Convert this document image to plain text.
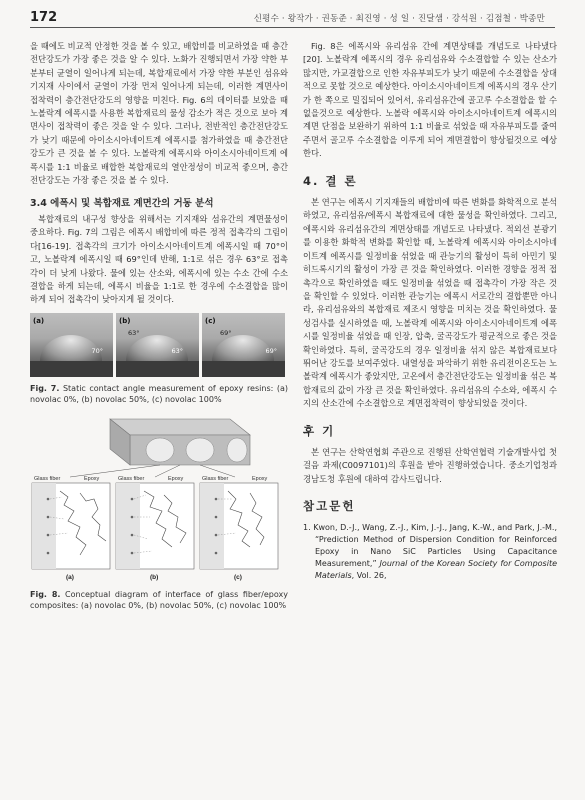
172	신평수 · 왕작가 · 권동준 · 최진영 · 성 일 · 진달샘 · 강석원 · 김점철 · 박종만

을 때에도 비교적 안정한 것을 볼 수 있고, 배합비를 비교하였을 때 층간전단강도가 가장 좋은 것을 알 수 있다. 노화가 진행되면서 가장 약한 부분부터 균열이 일어나게 되는데, 복합재료에서 가장 약한 부분인 섬유와 기지재 사이에서 균열이 가장 먼저 일어나게 되는데, 이러한 계면사이 접착력이 층간전단강도의 영향을 미친다. Fig. 6의 데이터를 보았을 때 노볼락계 에폭시를 사용한 복합재료의 물성 감소가 적은 것으로 보아 계면사이 접착력이 좋은 것을 알 수 있다. 그러나, 전반적인 층간전단강도가 낮기 때문에 아이소시아네이트계 에폭시를 첨가하였을 때 층간전단강도가 큰 것을 볼 수 있다. 노볼락계 에폭시와 아이소시아네이트계 에폭시를 1:1 비율로 배합한 복합재료의 열안정성이 비교적 좋으며, 층간전단강도는 가장 좋은 것을 볼 수 있다.

3.4 에폭시 및 복합재료 계면간의 거동 분석

복합재료의 내구성 향상을 위해서는 기지재와 섬유간의 계면물성이 중요하다. Fig. 7의 그림은 에폭시 배합비에 따른 정적 접촉각의 그림이다[16-19]. 접촉각의 크기가 아이소시아네이트계 에폭시일 때 70°이고, 노볼락계 에폭시일 때 69°인데 반해, 1:1로 섞은 경우 63°로 접촉각이 더 낮게 나왔다. 물에 있는 산소와, 에폭시에 있는 수소 간에 수소결합을 하게 되는데, 에폭시 비율을 1:1로 한 경우에 수소결합을 많이 하게 되어 접촉각이 낮아지게 될 것이다.

(a)
70°
(b)
63°
63°
(c)
69°
69°
Fig. 7. Static contact angle measurement of epoxy resins: (a) novolac 0%, (b) novolac 50%, (c) novolac 100%
Glass fiber	Epoxy	Glass fiber	Epoxy	Glass fiber	Epoxy
(a)	(b)	(c)
Fig. 8. Conceptual diagram of interface of glass fiber/epoxy composites: (a) novolac 0%, (b) novolac 50%, (c) novolac 100%

Fig. 8은 에폭시와 유리섬유 간에 계면상태를 개념도로 나타냈다[20]. 노볼락계 에폭시의 경우 유리섬유와 수소결합할 수 있는 산소가 많지만, 가교결합으로 인한 자유부피도가 낮기 때문에 수소결합을 상대적으로 못할 것으로 예상한다. 아이소시아네이트계 에폭시의 경우 산기가 한 쪽으로 밀집되어 있어서, 유리섬유간에 골고루 수소결합을 할 수 없을것으로 예상한다. 노볼락 에폭시와 아이소시아네이트계 에폭시의 계면 단점을 보완하기 위하여 1:1 비율로 섞었을 때 자유부피도를 줄여주면서 골고루 수소결합을 이루게 되어 계면결합이 향상될것으로 예상한다.

4. 결 론

본 연구는 에폭시 기지재들의 배합비에 따른 변화를 화학적으로 분석하였고, 유리섬유/에폭시 복합재료에 대한 물성을 확인하였다. 그리고, 에폭시와 유리섬유간의 계면상태를 개념도로 나타냈다. 적외선 분광기를 이용한 화학적 변화를 확인할 때, 노볼락계 에폭시와 아이소시아네이트계 에폭시를 일정비율 섞었을 때 관능기의 활성이 특히 아민기 및 히드록시기의 활성이 가장 큰 것을 확인하였다. 이러한 경향을 정적 접촉각으로 확인하였을 때도 일정비율 섞었을 때 접촉각이 가장 작은 것을 확인할 수 있었다. 이러한 관능기는 에폭시 서로간의 결합뿐만 아니라, 유리섬유와의 복합재료 제조시 영향을 미치는 것을 확인하였다. 물성검사를 실시하였을 때, 노볼락계 에폭시와 아이소시아네이트계 에폭시를 일정비율 섞었을 때 인장, 압축, 굴곡강도가 평균적으로 좋은 것을 확인하였다. 특히, 굴곡강도의 경우 일정비율 섞지 않은 복합재료보다 뛰어난 강도를 보여주었다. 내열성을 파악하기 위한 유리전이온도는 노볼락계 에폭시가 좋았지만, 고온에서 층간전단강도는 일정비율 섞은 복합재료의 값이 가장 큰 것을 확인하였다. 유리섬유의 수소와, 에폭시 수지의 산소간에 수소결합으로 계면접착력이 향상되었을 것이다.

후 기

본 연구는 산학연협회 주관으로 진행된 산학연협력 기술개발사업 첫걸음 과제(C0097101)의 후원을 받아 진행하였습니다. 중소기업청과 경남도청 후원에 대하여 감사드립니다.

참고문헌
1. Kwon, D.-J., Wang, Z.-J., Kim, J.-J., Jang, K.-W., and Park, J.-M., “Prediction Method of Dispersion Condition for Reinforced Epoxy in Nano SiC Particles Using Capacitance Measurement,” Journal of the Korean Society for Composite Materials, Vol. 26,
